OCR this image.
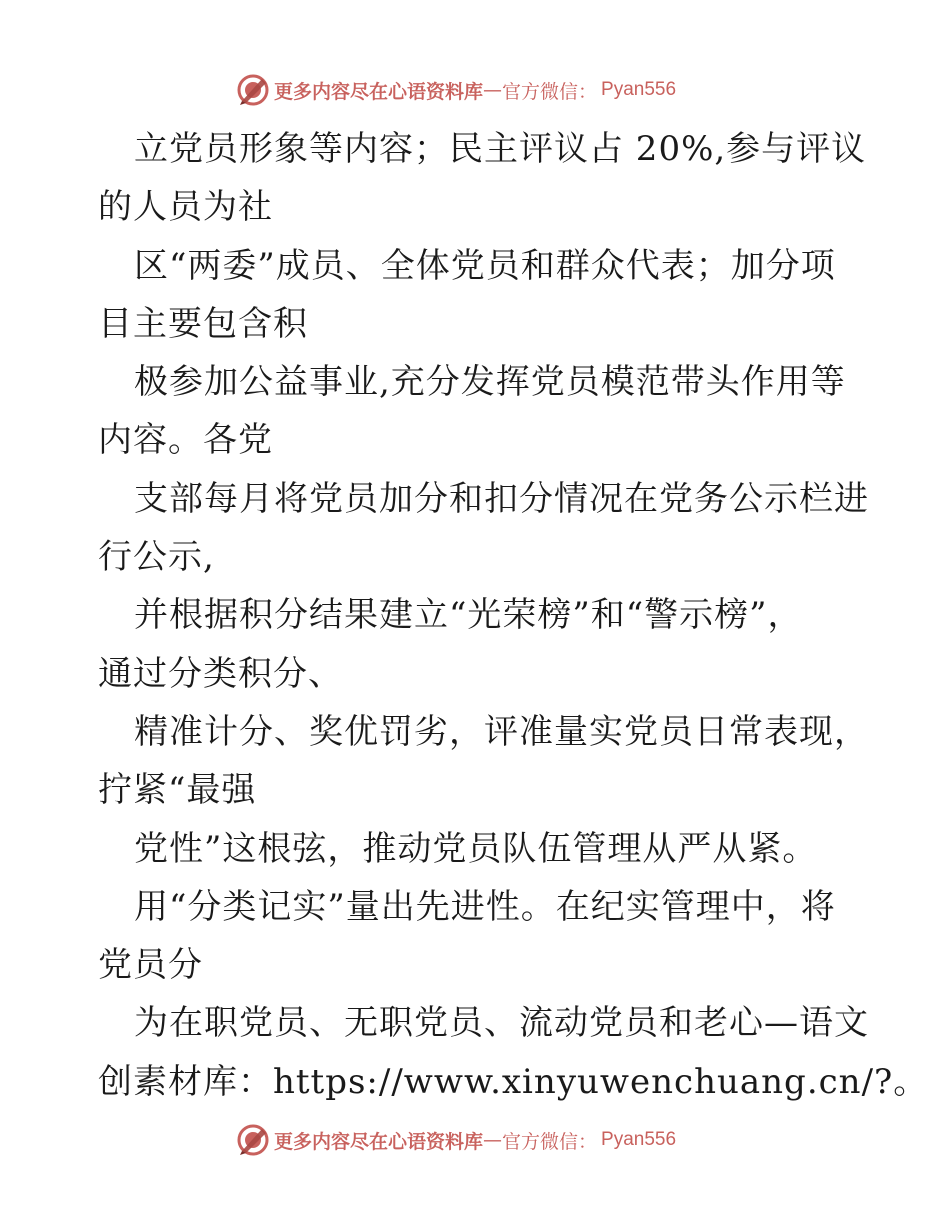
更多内容尽在心语资料库 — 官方微信： Pyan556
立党员形象等内容；民主评议占 20%,参与评议
的人员为社
区“两委”成员、全体党员和群众代表；加分项
目主要包含积
极参加公益事业,充分发挥党员模范带头作用等
内容。各党
支部每月将党员加分和扣分情况在党务公示栏进
行公示,
并根据积分结果建立“光荣榜”和“警示榜”，
通过分类积分、
精准计分、奖优罚劣，评准量实党员日常表现，
拧紧“最强
党性”这根弦，推动党员队伍管理从严从紧。
用“分类记实”量出先进性。在纪实管理中，将
党员分
为在职党员、无职党员、流动党员和老心—语文
创素材库：https://www.xinyuwenchuang.cn/?。
更多内容尽在心语资料库 — 官方微信： Pyan556
